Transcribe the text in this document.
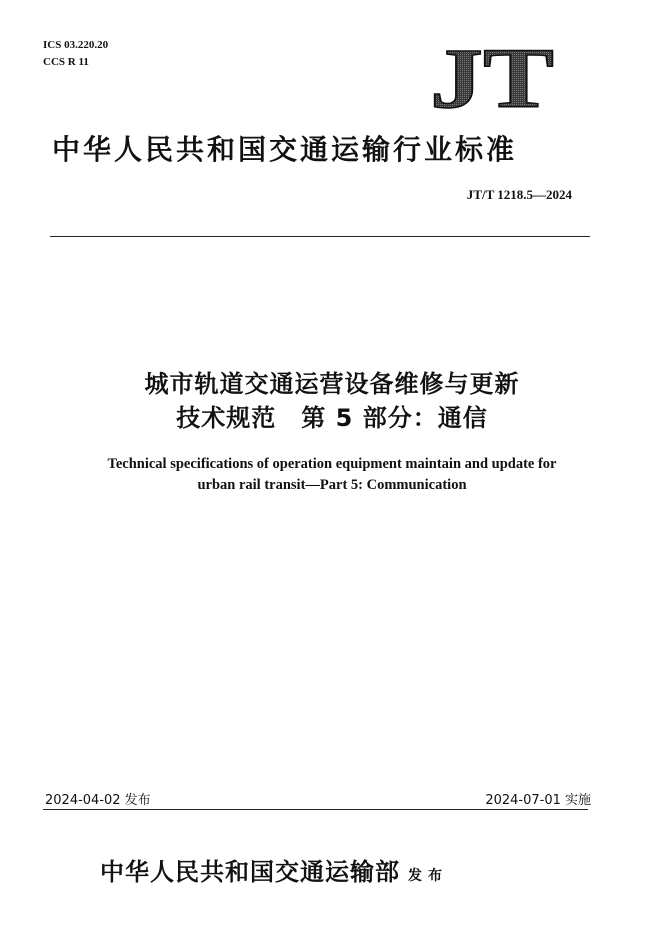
ICS 03.220.20
CCS R 11	JT
中华人民共和国交通运输行业标准
JT/T 1218.5—2024
城市轨道交通运营设备维修与更新
技术规范　第 5 部分：通信
Technical specifications of operation equipment maintain and update for
urban rail transit—Part 5: Communication
2024-04-02 发布	2024-07-01 实施
中华人民共和国交通运输部 发布
